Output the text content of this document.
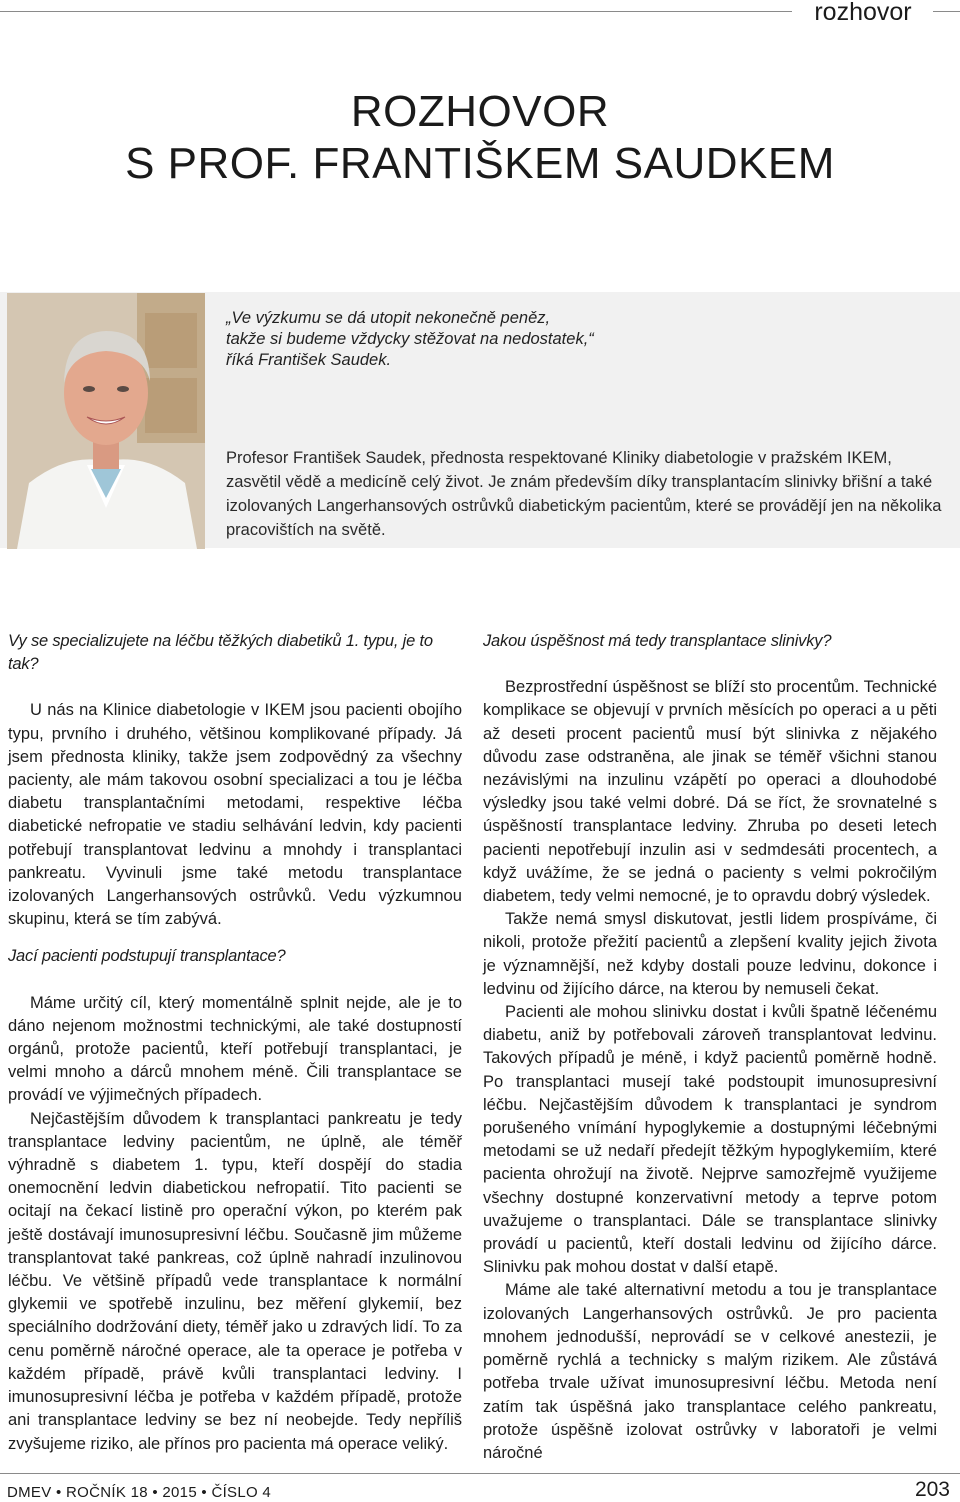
rozhovor
ROZHOVOR
S PROF. FRANTIŠKEM SAUDKEM
„Ve výzkumu se dá utopit nekonečně peněz,
takže si budeme vždycky stěžovat na nedostatek,“
říká František Saudek.
Profesor František Saudek, přednosta respektované Kliniky diabetologie v pražském IKEM, zasvětil vědě a medicíně celý život. Je znám především díky transplantacím slinivky břišní a také izolovaných Langerhansových ostrůvků diabetickým pacientům, které se provádějí jen na několika pracovištích na světě.
Vy se specializujete na léčbu těžkých diabetiků 1. typu, je to tak?
U nás na Klinice diabetologie v IKEM jsou pacienti obojího typu, prvního i druhého, většinou komplikované případy. Já jsem přednosta kliniky, takže jsem zodpovědný za všechny pacienty, ale mám takovou osobní specializaci a tou je léčba diabetu transplantačními metodami, respektive léčba diabetické nefropatie ve stadiu selhávání ledvin, kdy pacienti potřebují transplantovat ledvinu a mnohdy i transplantaci pankreatu. Vyvinuli jsme také metodu transplantace izolovaných Langerhansových ostrůvků. Vedu výzkumnou skupinu, která se tím zabývá.
Jací pacienti podstupují transplantace?
Máme určitý cíl, který momentálně splnit nejde, ale je to dáno nejenom možnostmi technickými, ale také dostupností orgánů, protože pacientů, kteří potřebují transplantaci, je velmi mnoho a dárců mnohem méně. Čili transplantace se provádí ve výjimečných případech.
Nejčastějším důvodem k transplantaci pankreatu je tedy transplantace ledviny pacientům, ne úplně, ale téměř výhradně s diabetem 1. typu, kteří dospějí do stadia onemocnění ledvin diabetickou nefropatií. Tito pacienti se ocitají na čekací listině pro operační výkon, po kterém pak ještě dostávají imunosupresivní léčbu. Současně jim můžeme transplantovat také pankreas, což úplně nahradí inzulinovou léčbu. Ve většině případů vede transplantace k normální glykemii ve spotřebě inzulinu, bez měření glykemií, bez speciálního dodržování diety, téměř jako u zdravých lidí. To za cenu poměrně náročné operace, ale ta operace je potřeba v každém případě, právě kvůli transplantaci ledviny. I imunosupresivní léčba je potřeba v každém případě, protože ani transplantace ledviny se bez ní neobejde. Tedy nepříliš zvyšujeme riziko, ale přínos pro pacienta má operace veliký.
Jakou úspěšnost má tedy transplantace slinivky?
Bezprostřední úspěšnost se blíží sto procentům. Technické komplikace se objevují v prvních měsících po operaci a u pěti až deseti procent pacientů musí být slinivka z nějakého důvodu zase odstraněna, ale jinak se téměř všichni stanou nezávislými na inzulinu vzápětí po operaci a dlouhodobé výsledky jsou také velmi dobré. Dá se říct, že srovnatelné s úspěšností transplantace ledviny. Zhruba po deseti letech pacienti nepotřebují inzulin asi v sedmdesáti procentech, a když uvážíme, že se jedná o pacienty s velmi pokročilým diabetem, tedy velmi nemocné, je to opravdu dobrý výsledek.
Takže nemá smysl diskutovat, jestli lidem prospíváme, či nikoli, protože přežití pacientů a zlepšení kvality jejich života je významnější, než kdyby dostali pouze ledvinu, dokonce i ledvinu od žijícího dárce, na kterou by nemuseli čekat.
Pacienti ale mohou slinivku dostat i kvůli špatně léčenému diabetu, aniž by potřebovali zároveň transplantovat ledvinu. Takových případů je méně, i když pacientů poměrně hodně. Po transplantaci musejí také podstoupit imunosupresivní léčbu. Nejčastějším důvodem k transplantaci je syndrom porušeného vnímání hypoglykemie a dostupnými léčebnými metodami se už nedaří předejít těžkým hypoglykemiím, které pacienta ohrožují na životě. Nejprve samozřejmě využijeme všechny dostupné konzervativní metody a teprve potom uvažujeme o transplantaci. Dále se transplantace slinivky provádí u pacientů, kteří dostali ledvinu od žijícího dárce. Slinivku pak mohou dostat v další etapě.
Máme ale také alternativní metodu a tou je transplantace izolovaných Langerhansových ostrůvků. Je pro pacienta mnohem jednodušší, neprovádí se v celkové anestezii, je poměrně rychlá a technicky s malým rizikem. Ale zůstává potřeba trvale užívat imunosupresivní léčbu. Metoda není zatím tak úspěšná jako transplantace celého pankreatu, protože úspěšně izolovat ostrůvky v laboratoři je velmi náročné
DMEV • ROČNÍK 18 • 2015 • ČÍSLO 4	203
